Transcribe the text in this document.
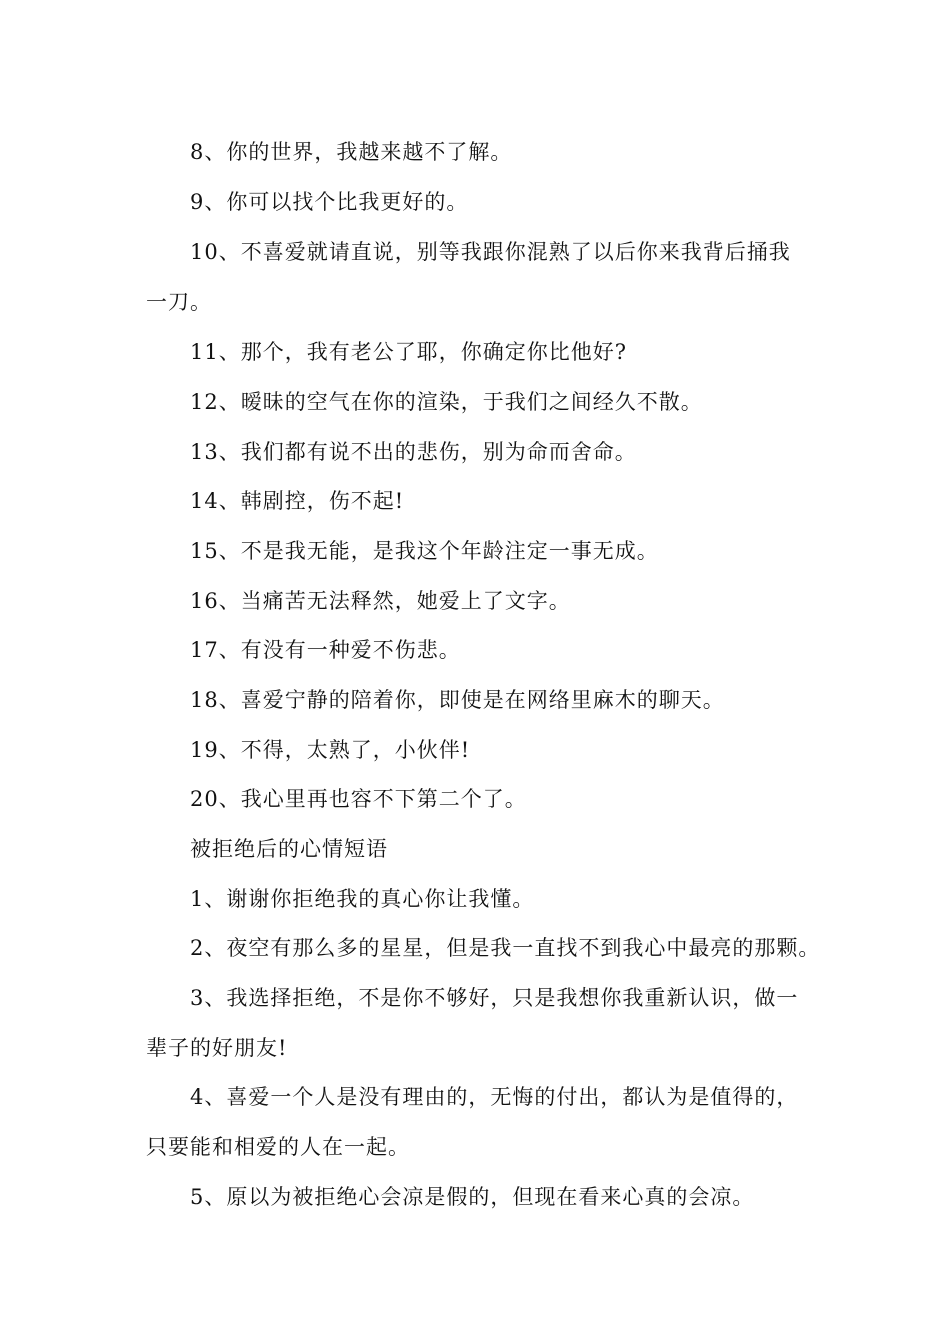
8、你的世界，我越来越不了解。
9、你可以找个比我更好的。
10、不喜爱就请直说，别等我跟你混熟了以后你来我背后捅我
一刀。
11、那个，我有老公了耶，你确定你比他好?
12、暧昧的空气在你的渲染，于我们之间经久不散。
13、我们都有说不出的悲伤，别为命而舍命。
14、韩剧控，伤不起!
15、不是我无能，是我这个年龄注定一事无成。
16、当痛苦无法释然，她爱上了文字。
17、有没有一种爱不伤悲。
18、喜爱宁静的陪着你，即使是在网络里麻木的聊天。
19、不得，太熟了，小伙伴!
20、我心里再也容不下第二个了。
被拒绝后的心情短语
1、谢谢你拒绝我的真心你让我懂。
2、夜空有那么多的星星，但是我一直找不到我心中最亮的那颗。
3、我选择拒绝，不是你不够好，只是我想你我重新认识，做一
辈子的好朋友!
4、喜爱一个人是没有理由的，无悔的付出，都认为是值得的，
只要能和相爱的人在一起。
5、原以为被拒绝心会凉是假的，但现在看来心真的会凉。
